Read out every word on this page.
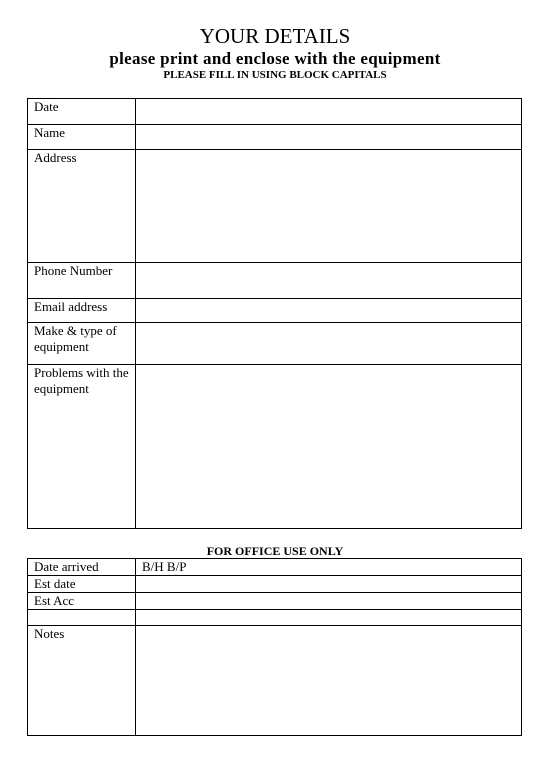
YOUR DETAILS
please print and enclose with the equipment
PLEASE FILL IN USING BLOCK CAPITALS
Date	
Name	
Address	
Phone Number	
Email address	
Make & type of equipment	
Problems with the equipment	
FOR OFFICE USE ONLY
Date arrived	B/H B/P

Est date	
Est Acc	

Notes	
